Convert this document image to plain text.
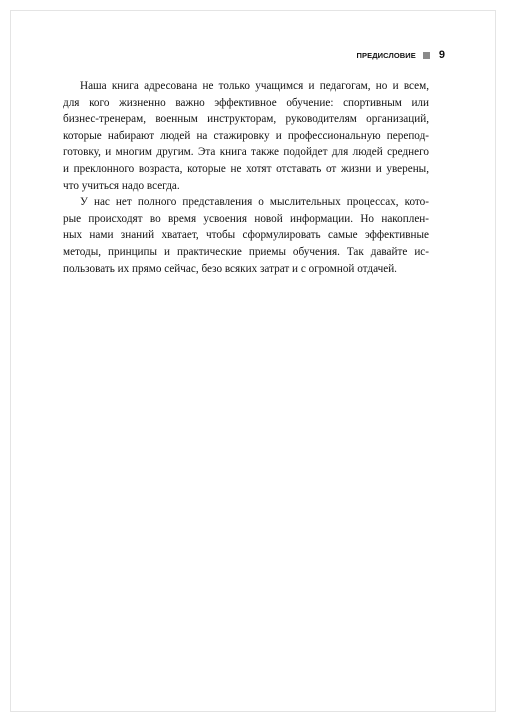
ПРЕДИСЛОВИЕ 9
Наша книга адресована не только учащимся и педагогам, но и всем,
для кого жизненно важно эффективное обучение: спортивным или
бизнес-тренерам, военным инструкторам, руководителям организаций,
которые набирают людей на стажировку и профессиональную перепод-
готовку, и многим другим. Эта книга также подойдет для людей среднего
и преклонного возраста, которые не хотят отставать от жизни и уверены,
что учиться надо всегда.
У нас нет полного представления о мыслительных процессах, кото-
рые происходят во время усвоения новой информации. Но накоплен-
ных нами знаний хватает, чтобы сформулировать самые эффективные
методы, принципы и практические приемы обучения. Так давайте ис-
пользовать их прямо сейчас, безо всяких затрат и с огромной отдачей.
